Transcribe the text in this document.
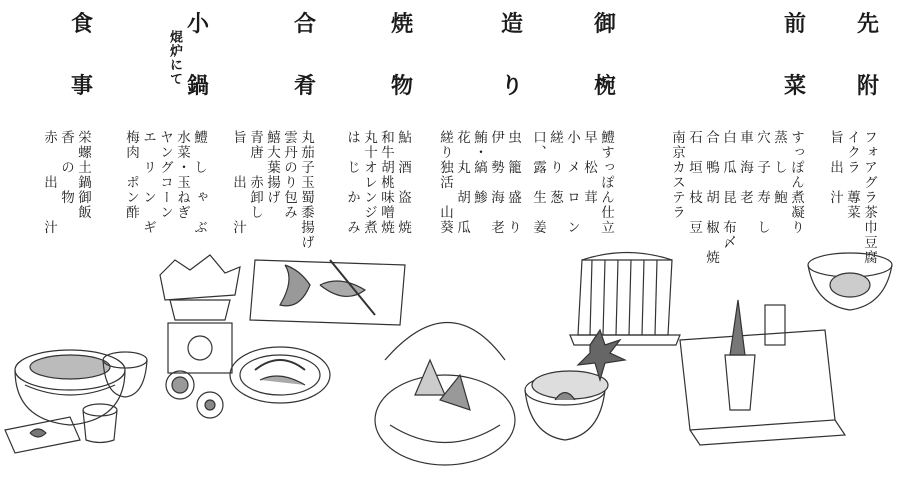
先
附
フォアグラ茶巾豆腐
イクラ　蓴菜
旨　出　汁
前
菜
すっぽん煮凝り
蒸　し　鮑
穴　子　寿　し
車　海　老
白　瓜　昆　布〆
合　鴨　胡　椒　焼
石　垣　枝　豆
南京カステラ
御
椀
鱧すっぽん仕立
早　松　茸
小　メ　ロ　ン
縒　り　葱
口、露　生　姜
造
り
虫　籠　盛　り
伊　勢　海　老
鮪・縞　鯵
花　丸　胡　瓜
縒り独活　山葵
焼
物
鮎　酒　盗　焼
和牛胡桃味噌焼
丸十オレンジ煮
は　じ　か　み
合
肴
丸茄子玉蜀黍揚げ
雲丹のり包み
鱚大葉揚げ
青唐　赤卸し
旨　　出　　汁
小
鍋
焜炉にて
鱧　し　ゃ　ぶ
水菜・玉ねぎ
ヤングコーン
エ　リ　ン　ギ
梅肉　ポン酢
食
事
栄螺土鍋御飯
香　の　物
赤　　出　　汁
